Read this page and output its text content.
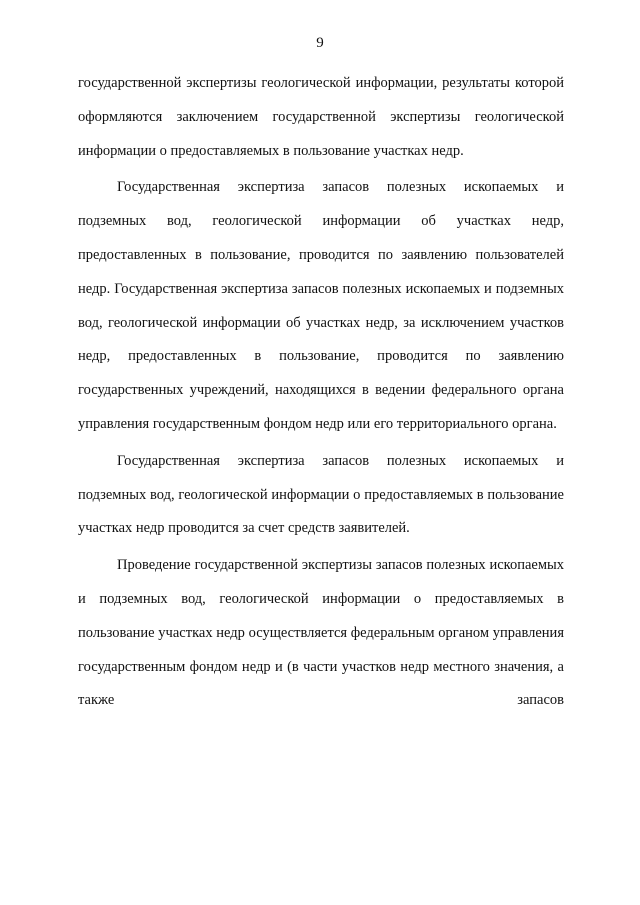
9

государственной экспертизы геологической информации, результаты которой оформляются заключением государственной экспертизы геологической информации о предоставляемых в пользование участках недр.

Государственная экспертиза запасов полезных ископаемых и подземных вод, геологической информации об участках недр, предоставленных в пользование, проводится по заявлению пользователей недр. Государственная экспертиза запасов полезных ископаемых и подземных вод, геологической информации об участках недр, за исключением участков недр, предоставленных в пользование, проводится по заявлению государственных учреждений, находящихся в ведении федерального органа управления государственным фондом недр или его территориального органа.

Государственная экспертиза запасов полезных ископаемых и подземных вод, геологической информации о предоставляемых в пользование участках недр проводится за счет средств заявителей.

Проведение государственной экспертизы запасов полезных ископаемых и подземных вод, геологической информации о предоставляемых в пользование участках недр осуществляется федеральным органом управления государственным фондом недр и (в части участков недр местного значения, а также запасов
